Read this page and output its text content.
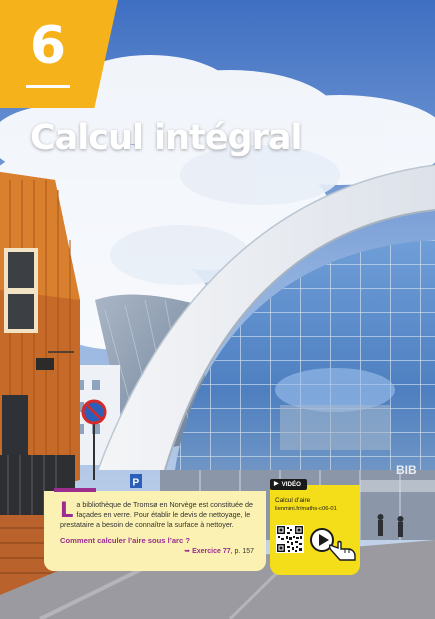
P
BIB
6
Calcul intégral
La bibliothèque de Tromsø en Norvège est constituée de façades en verre. Pour établir le devis de nettoyage, le prestataire a besoin de connaître la surface à nettoyer.
Comment calculer l’aire sous l’arc ?
➥ Exercice 77, p. 157
▶ VIDÉO
Calcul d’aire
lienmini.fr/maths-c06-01
